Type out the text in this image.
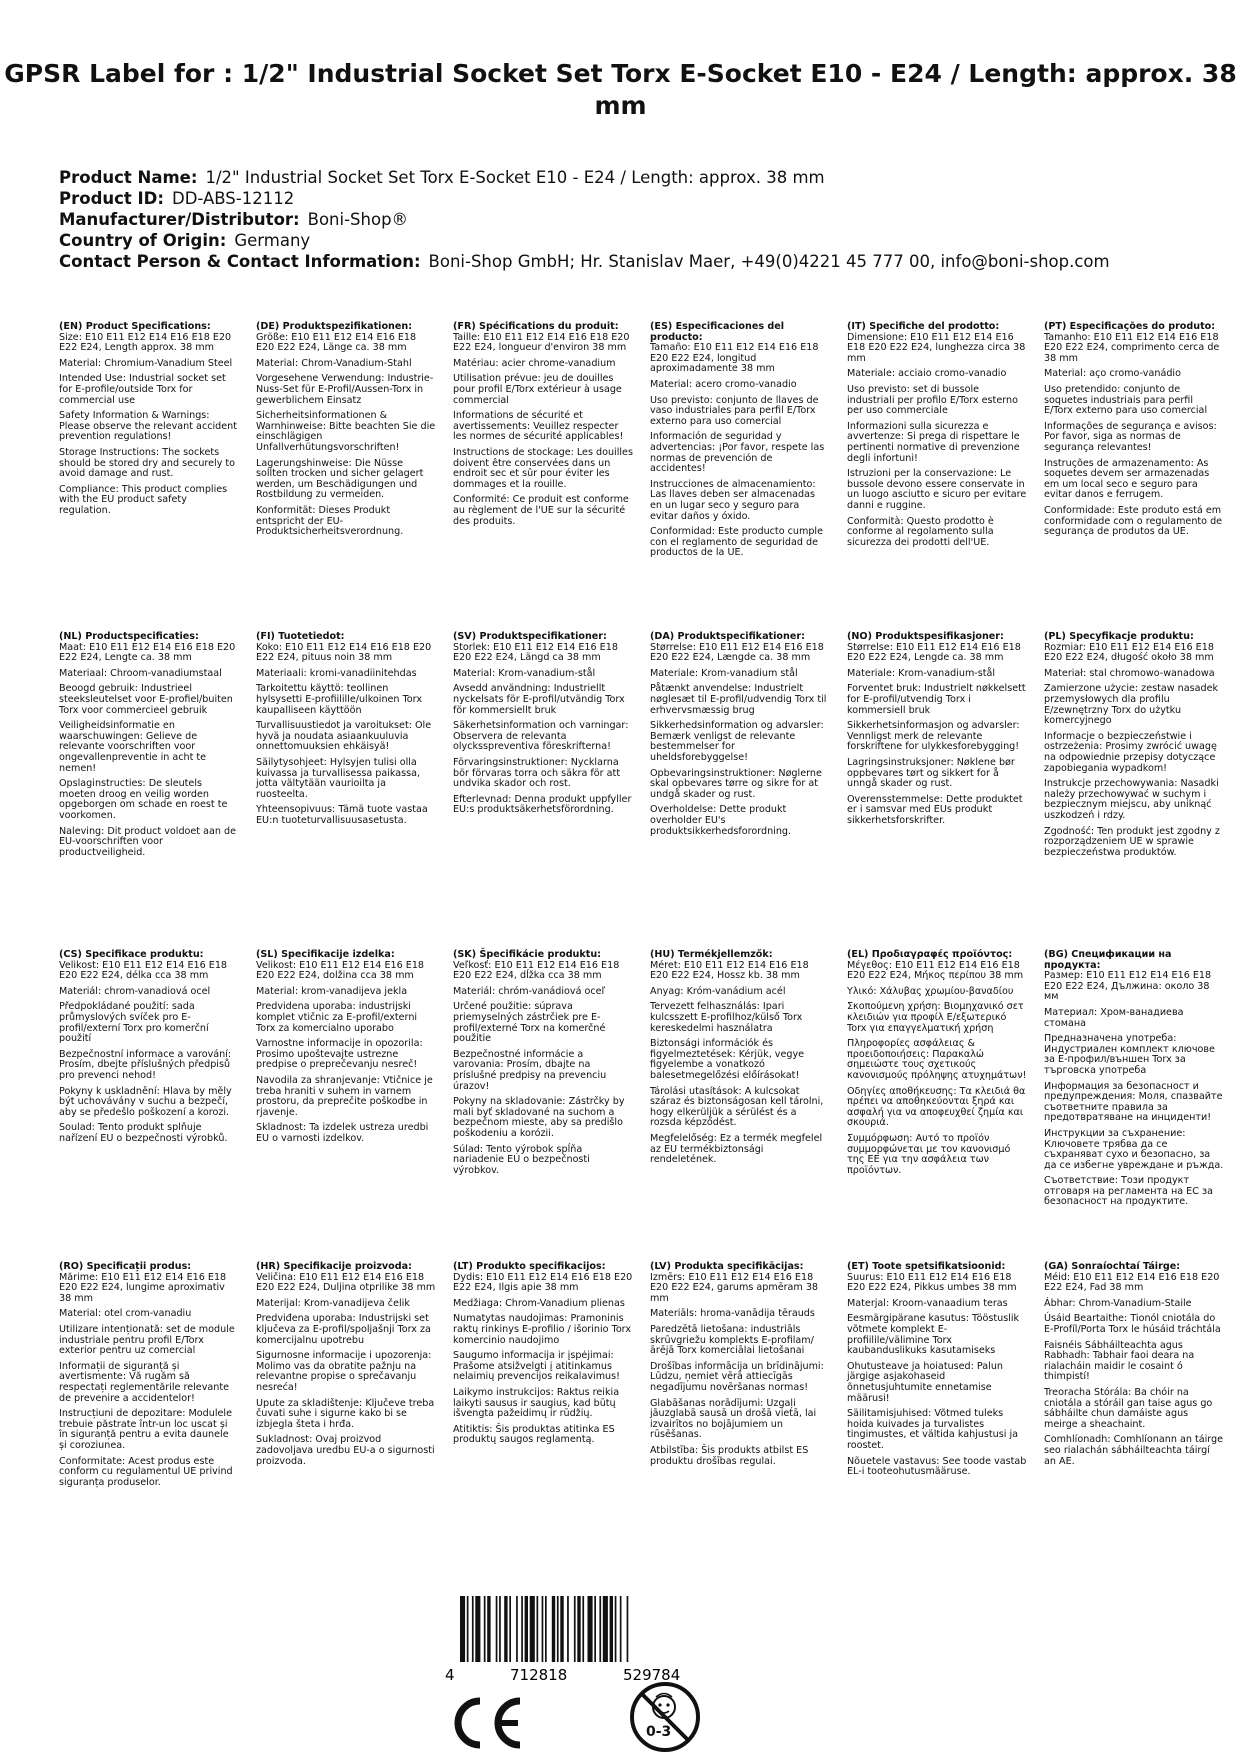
GPSR Label for : 1/2" Industrial Socket Set Torx E-Socket E10 - E24 / Length: approx. 38 mm
Product Name: 1/2" Industrial Socket Set Torx E-Socket E10 - E24 / Length: approx. 38 mm
Product ID: DD-ABS-12112
Manufacturer/Distributor: Boni-Shop®
Country of Origin: Germany
Contact Person & Contact Information: Boni-Shop GmbH; Hr. Stanislav Maer, +49(0)4221 45 777 00, info@boni-shop.com

(EN) Product Specifications:
Size: E10 E11 E12 E14 E16 E18 E20 E22 E24, Length approx. 38 mm

Material: Chromium-Vanadium Steel

Intended Use: Industrial socket set for E-profile/outside Torx for commercial use

Safety Information & Warnings: Please observe the relevant accident prevention regulations!

Storage Instructions: The sockets should be stored dry and securely to avoid damage and rust.

Compliance: This product complies with the EU product safety regulation.

(DE) Produktspezifikationen:
Größe: E10 E11 E12 E14 E16 E18 E20 E22 E24, Länge ca. 38 mm

Material: Chrom-Vanadium-Stahl

Vorgesehene Verwendung: Industrie-Nuss-Set für E-Profil/Aussen-Torx in gewerblichem Einsatz

Sicherheitsinformationen & Warnhinweise: Bitte beachten Sie die einschlägigen Unfallverhütungsvorschriften!

Lagerungshinweise: Die Nüsse sollten trocken und sicher gelagert werden, um Beschädigungen und Rostbildung zu vermeiden.

Konformität: Dieses Produkt entspricht der EU-Produktsicherheitsverordnung.

(FR) Spécifications du produit:
Taille: E10 E11 E12 E14 E16 E18 E20 E22 E24, longueur d'environ 38 mm

Matériau: acier chrome-vanadium

Utilisation prévue: jeu de douilles pour profil E/Torx extérieur à usage commercial

Informations de sécurité et avertissements: Veuillez respecter les normes de sécurité applicables!

Instructions de stockage: Les douilles doivent être conservées dans un endroit sec et sûr pour éviter les dommages et la rouille.

Conformité: Ce produit est conforme au règlement de l'UE sur la sécurité des produits.

(ES) Especificaciones del producto:
Tamaño: E10 E11 E12 E14 E16 E18 E20 E22 E24, longitud aproximadamente 38 mm

Material: acero cromo-vanadio

Uso previsto: conjunto de llaves de vaso industriales para perfil E/Torx externo para uso comercial

Información de seguridad y advertencias: ¡Por favor, respete las normas de prevención de accidentes!

Instrucciones de almacenamiento: Las llaves deben ser almacenadas en un lugar seco y seguro para evitar daños y óxido.

Conformidad: Este producto cumple con el reglamento de seguridad de productos de la UE.

(IT) Specifiche del prodotto:
Dimensione: E10 E11 E12 E14 E16 E18 E20 E22 E24, lunghezza circa 38 mm

Materiale: acciaio cromo-vanadio

Uso previsto: set di bussole industriali per profilo E/Torx esterno per uso commerciale

Informazioni sulla sicurezza e avvertenze: Si prega di rispettare le pertinenti normative di prevenzione degli infortuni!

Istruzioni per la conservazione: Le bussole devono essere conservate in un luogo asciutto e sicuro per evitare danni e ruggine.

Conformità: Questo prodotto è conforme al regolamento sulla sicurezza dei prodotti dell'UE.

(PT) Especificações do produto:
Tamanho: E10 E11 E12 E14 E16 E18 E20 E22 E24, comprimento cerca de 38 mm

Material: aço cromo-vanádio

Uso pretendido: conjunto de soquetes industriais para perfil E/Torx externo para uso comercial

Informações de segurança e avisos: Por favor, siga as normas de segurança relevantes!

Instruções de armazenamento: As soquetes devem ser armazenadas em um local seco e seguro para evitar danos e ferrugem.

Conformidade: Este produto está em conformidade com o regulamento de segurança de produtos da UE.

(NL) Productspecificaties:
Maat: E10 E11 E12 E14 E16 E18 E20 E22 E24, Lengte ca. 38 mm

Materiaal: Chroom-vanadiumstaal

Beoogd gebruik: Industrieel steeksleutelset voor E-profiel/buiten Torx voor commercieel gebruik

Veiligheidsinformatie en waarschuwingen: Gelieve de relevante voorschriften voor ongevallenpreventie in acht te nemen!

Opslaginstructies: De sleutels moeten droog en veilig worden opgeborgen om schade en roest te voorkomen.

Naleving: Dit product voldoet aan de EU-voorschriften voor productveiligheid.

(FI) Tuotetiedot:
Koko: E10 E11 E12 E14 E16 E18 E20 E22 E24, pituus noin 38 mm

Materiaali: kromi-vanadiinitehdas

Tarkoitettu käyttö: teollinen hylsysetti E-profiilille/ulkoinen Torx kaupalliseen käyttöön

Turvallisuustiedot ja varoitukset: Ole hyvä ja noudata asiaankuuluvia onnettomuuksien ehkäisyä!

Säilytysohjeet: Hylsyjen tulisi olla kuivassa ja turvallisessa paikassa, jotta vältytään vaurioilta ja ruosteelta.

Yhteensopivuus: Tämä tuote vastaa EU:n tuoteturvallisuusasetusta.

(SV) Produktspecifikationer:
Storlek: E10 E11 E12 E14 E16 E18 E20 E22 E24, Längd ca 38 mm

Material: Krom-vanadium-stål

Avsedd användning: Industriellt nyckelsats för E-profil/utvändig Torx för kommersiellt bruk

Säkerhetsinformation och varningar: Observera de relevanta olycksspreventiva föreskrifterna!

Förvaringsinstruktioner: Nycklarna bör förvaras torra och säkra för att undvika skador och rost.

Efterlevnad: Denna produkt uppfyller EU:s produktsäkerhetsförordning.

(DA) Produktspecifikationer:
Størrelse: E10 E11 E12 E14 E16 E18 E20 E22 E24, Længde ca. 38 mm

Materiale: Krom-vanadium stål

Påtænkt anvendelse: Industrielt nøglesæt til E-profil/udvendig Torx til erhvervsmæssig brug

Sikkerhedsinformation og advarsler: Bemærk venligst de relevante bestemmelser for uheldsforebyggelse!

Opbevaringsinstruktioner: Nøglerne skal opbevares tørre og sikre for at undgå skader og rust.

Overholdelse: Dette produkt overholder EU's produktsikkerhedsforordning.

(NO) Produktspesifikasjoner:
Størrelse: E10 E11 E12 E14 E16 E18 E20 E22 E24, Lengde ca. 38 mm

Materiale: Krom-vanadium-stål

Forventet bruk: Industrielt nøkkelsett for E-profil/utvendig Torx i kommersiell bruk

Sikkerhetsinformasjon og advarsler: Vennligst merk de relevante forskriftene for ulykkesforebygging!

Lagringsinstruksjoner: Nøklene bør oppbevares tørt og sikkert for å unngå skader og rust.

Overensstemmelse: Dette produktet er i samsvar med EUs produkt sikkerhetsforskrifter.

(PL) Specyfikacje produktu:
Rozmiar: E10 E11 E12 E14 E16 E18 E20 E22 E24, długość około 38 mm

Materiał: stal chromowo-wanadowa

Zamierzone użycie: zestaw nasadek przemysłowych dla profilu E/zewnętrzny Torx do użytku komercyjnego

Informacje o bezpieczeństwie i ostrzeżenia: Prosimy zwrócić uwagę na odpowiednie przepisy dotyczące zapobiegania wypadkom!

Instrukcje przechowywania: Nasadki należy przechowywać w suchym i bezpiecznym miejscu, aby uniknąć uszkodzeń i rdzy.

Zgodność: Ten produkt jest zgodny z rozporządzeniem UE w sprawie bezpieczeństwa produktów.

(CS) Specifikace produktu:
Velikost: E10 E11 E12 E14 E16 E18 E20 E22 E24, délka cca 38 mm

Materiál: chrom-vanadiová ocel

Předpokládané použití: sada průmyslových svíček pro E-profil/externí Torx pro komerční použití

Bezpečnostní informace a varování: Prosím, dbejte příslušných předpisů pro prevenci nehod!

Pokyny k uskladnění: Hlava by měly být uchovávány v suchu a bezpečí, aby se předešlo poškození a korozi.

Soulad: Tento produkt splňuje nařízení EU o bezpečnosti výrobků.

(SL) Specifikacije izdelka:
Velikost: E10 E11 E12 E14 E16 E18 E20 E22 E24, dolžina cca 38 mm

Material: krom-vanadijeva jekla

Predvidena uporaba: industrijski komplet vtičnic za E-profil/externi Torx za komercialno uporabo

Varnostne informacije in opozorila: Prosimo upoštevajte ustrezne predpise o preprečevanju nesreč!

Navodila za shranjevanje: Vtičnice je treba hraniti v suhem in varnem prostoru, da preprečite poškodbe in rjavenje.

Skladnost: Ta izdelek ustreza uredbi EU o varnosti izdelkov.

(SK) Špecifikácie produktu:
Veľkosť: E10 E11 E12 E14 E16 E18 E20 E22 E24, dĺžka cca 38 mm

Materiál: chróm-vanádiová oceľ

Určené použitie: súprava priemyselných zástrčiek pre E-profil/externé Torx na komerčné použitie

Bezpečnostné informácie a varovania: Prosím, dbajte na príslušné predpisy na prevenciu úrazov!

Pokyny na skladovanie: Zástrčky by mali byť skladované na suchom a bezpečnom mieste, aby sa predišlo poškodeniu a korózii.

Súlad: Tento výrobok spĺňa nariadenie EÚ o bezpečnosti výrobkov.

(HU) Termékjellemzők:
Méret: E10 E11 E12 E14 E16 E18 E20 E22 E24, Hossz kb. 38 mm

Anyag: Króm-vanádium acél

Tervezett felhasználás: Ipari kulcsszett E-profilhoz/külső Torx kereskedelmi használatra

Biztonsági információk és figyelmeztetések: Kérjük, vegye figyelembe a vonatkozó balesetmegelőzési előírásokat!

Tárolási utasítások: A kulcsokat száraz és biztonságosan kell tárolni, hogy elkerüljük a sérülést és a rozsda képződést.

Megfelelőség: Ez a termék megfelel az EU termékbiztonsági rendeletének.

(EL) Προδιαγραφές προϊόντος:
Μέγεθος: E10 E11 E12 E14 E16 E18 E20 E22 E24, Μήκος περίπου 38 mm

Υλικό: Χάλυβας χρωμίου-βαναδίου

Σκοπούμενη χρήση: Βιομηχανικό σετ κλειδιών για προφίλ E/εξωτερικό Torx για επαγγελματική χρήση

Πληροφορίες ασφάλειας & προειδοποιήσεις: Παρακαλώ σημειώστε τους σχετικούς κανονισμούς πρόληψης ατυχημάτων!

Οδηγίες αποθήκευσης: Τα κλειδιά θα πρέπει να αποθηκεύονται ξηρά και ασφαλή για να αποφευχθεί ζημία και σκουριά.

Συμμόρφωση: Αυτό το προϊόν συμμορφώνεται με τον κανονισμό της ΕΕ για την ασφάλεια των προϊόντων.

(BG) Спецификации на продукта:
Размер: E10 E11 E12 E14 E16 E18 E20 E22 E24, Дължина: около 38 мм

Материал: Хром-ванадиева стомана

Предназначена употреба: Индустриален комплект ключове за Е-профил/външен Torx за търговска употреба

Информация за безопасност и предупреждения: Моля, спазвайте съответните правила за предотвратяване на инциденти!

Инструкции за съхранение: Ключовете трябва да се съхраняват сухо и безопасно, за да се избегне увреждане и ръжда.

Съответствие: Този продукт отговаря на регламента на ЕС за безопасност на продуктите.

(RO) Specificații produs:
Mărime: E10 E11 E12 E14 E16 E18 E20 E22 E24, lungime aproximativ 38 mm

Material: otel crom-vanadiu

Utilizare intenționată: set de module industriale pentru profil E/Torx exterior pentru uz comercial

Informații de siguranță și avertismente: Vă rugăm să respectați reglementările relevante de prevenire a accidentelor!

Instrucțiuni de depozitare: Modulele trebuie păstrate într-un loc uscat și în siguranță pentru a evita daunele și coroziunea.

Conformitate: Acest produs este conform cu regulamentul UE privind siguranța produselor.

(HR) Specifikacije proizvoda:
Veličina: E10 E11 E12 E14 E16 E18 E20 E22 E24, Duljina otprilike 38 mm

Materijal: Krom-vanadijeva čelik

Predviđena uporaba: Industrijski set ključeva za E-profil/spoljašnji Torx za komercijalnu upotrebu

Sigurnosne informacije i upozorenja: Molimo vas da obratite pažnju na relevantne propise o sprečavanju nesreća!

Upute za skladištenje: Ključeve treba čuvati suhe i sigurne kako bi se izbjegla šteta i hrđa.

Sukladnost: Ovaj proizvod zadovoljava uredbu EU-a o sigurnosti proizvoda.

(LT) Produkto specifikacijos:
Dydis: E10 E11 E12 E14 E16 E18 E20 E22 E24, Ilgis apie 38 mm

Medžiaga: Chrom-Vanadium plienas

Numatytas naudojimas: Pramoninis raktų rinkinys E-profilio / išorinio Torx komercinio naudojimo

Saugumo informacija ir įspėjimai: Prašome atsižvelgti į atitinkamus nelaimių prevencijos reikalavimus!

Laikymo instrukcijos: Raktus reikia laikyti sausus ir saugius, kad būtų išvengta pažeidimų ir rūdžių.

Atitiktis: Šis produktas atitinka ES produktų saugos reglamentą.

(LV) Produkta specifikācijas:
Izmērs: E10 E11 E12 E14 E16 E18 E20 E22 E24, garums apmēram 38 mm

Materiāls: hroma-vanādija tērauds

Paredzētā lietošana: industriāls skrūvgriežu komplekts E-profilam/ārējā Torx komerciālai lietošanai

Drošības informācija un brīdinājumi: Lūdzu, ņemiet vērā attiecīgās negadījumu novēršanas normas!

Glabāšanas norādījumi: Uzgaļi jāuzglabā sausā un drošā vietā, lai izvairītos no bojājumiem un rūsēšanas.

Atbilstība: Šis produkts atbilst ES produktu drošības regulai.

(ET) Toote spetsifikatsioonid:
Suurus: E10 E11 E12 E14 E16 E18 E20 E22 E24, Pikkus umbes 38 mm

Materjal: Kroom-vanaadium teras

Eesmärgipärane kasutus: Tööstuslik võtmete komplekt E-profiilile/välimine Torx kaubanduslikuks kasutamiseks

Ohutusteave ja hoiatused: Palun järgige asjakohaseid õnnetusjuhtumite ennetamise määrusi!

Säilitamisjuhised: Võtmed tuleks hoida kuivades ja turvalistes tingimustes, et vältida kahjustusi ja roostet.

Nõuetele vastavus: See toode vastab EL-i tooteohutusmääruse.

(GA) Sonraíochtaí Táirge:
Méid: E10 E11 E12 E14 E16 E18 E20 E22 E24, Fad 38 mm

Ábhar: Chrom-Vanadium-Staile

Úsáid Beartaithe: Tionól cniotála do E-Profíl/Porta Torx le húsáid tráchtála

Faisnéis Sábháilteachta agus Rabhadh: Tabhair faoi deara na rialacháin maidir le cosaint ó thimpistí!

Treoracha Stórála: Ba chóir na cniotála a stóráil gan taise agus go sábháilte chun damáiste agus meirge a sheachaint.

Comhlíonadh: Comhlíonann an táirge seo rialachán sábháilteachta táirgí an AE.

4	712818	529784
CE
0-3
